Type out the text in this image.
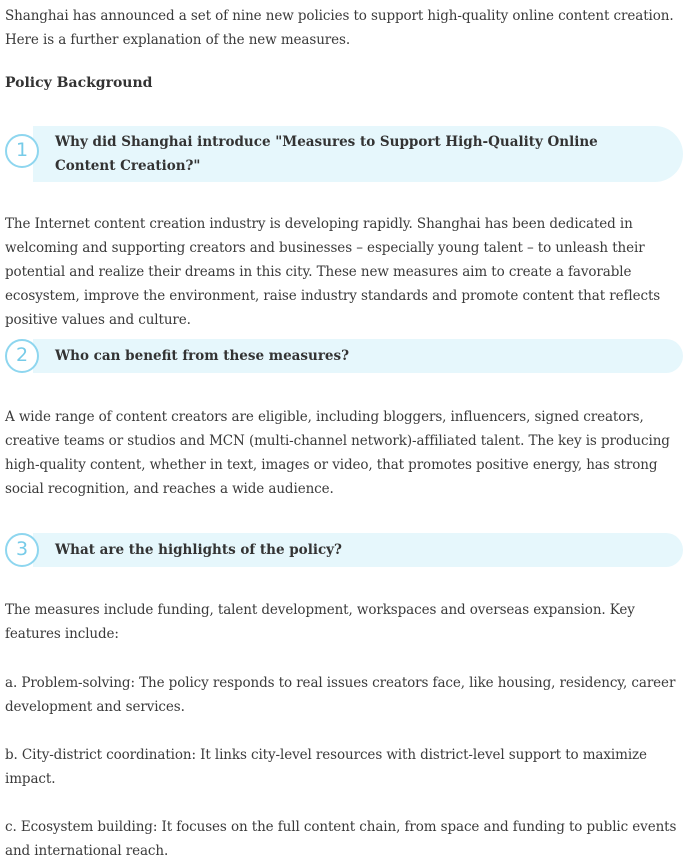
Shanghai has announced a set of nine new policies to support high-quality online content creation. Here is a further explanation of the new measures.

Policy Background
1	Why did Shanghai introduce "Measures to Support High-Quality Online Content Creation?"

The Internet content creation industry is developing rapidly. Shanghai has been dedicated in welcoming and supporting creators and businesses – especially young talent – to unleash their potential and realize their dreams in this city. These new measures aim to create a favorable ecosystem, improve the environment, raise industry standards and promote content that reflects positive values and culture.

2	Who can benefit from these measures?

A wide range of content creators are eligible, including bloggers, influencers, signed creators, creative teams or studios and MCN (multi-channel network)-affiliated talent. The key is producing high-quality content, whether in text, images or video, that promotes positive energy, has strong social recognition, and reaches a wide audience.

3	What are the highlights of the policy?

The measures include funding, talent development, workspaces and overseas expansion. Key features include:

a. Problem-solving: The policy responds to real issues creators face, like housing, residency, career development and services.

b. City-district coordination: It links city-level resources with district-level support to maximize impact.

c. Ecosystem building: It focuses on the full content chain, from space and funding to public events and international reach.
